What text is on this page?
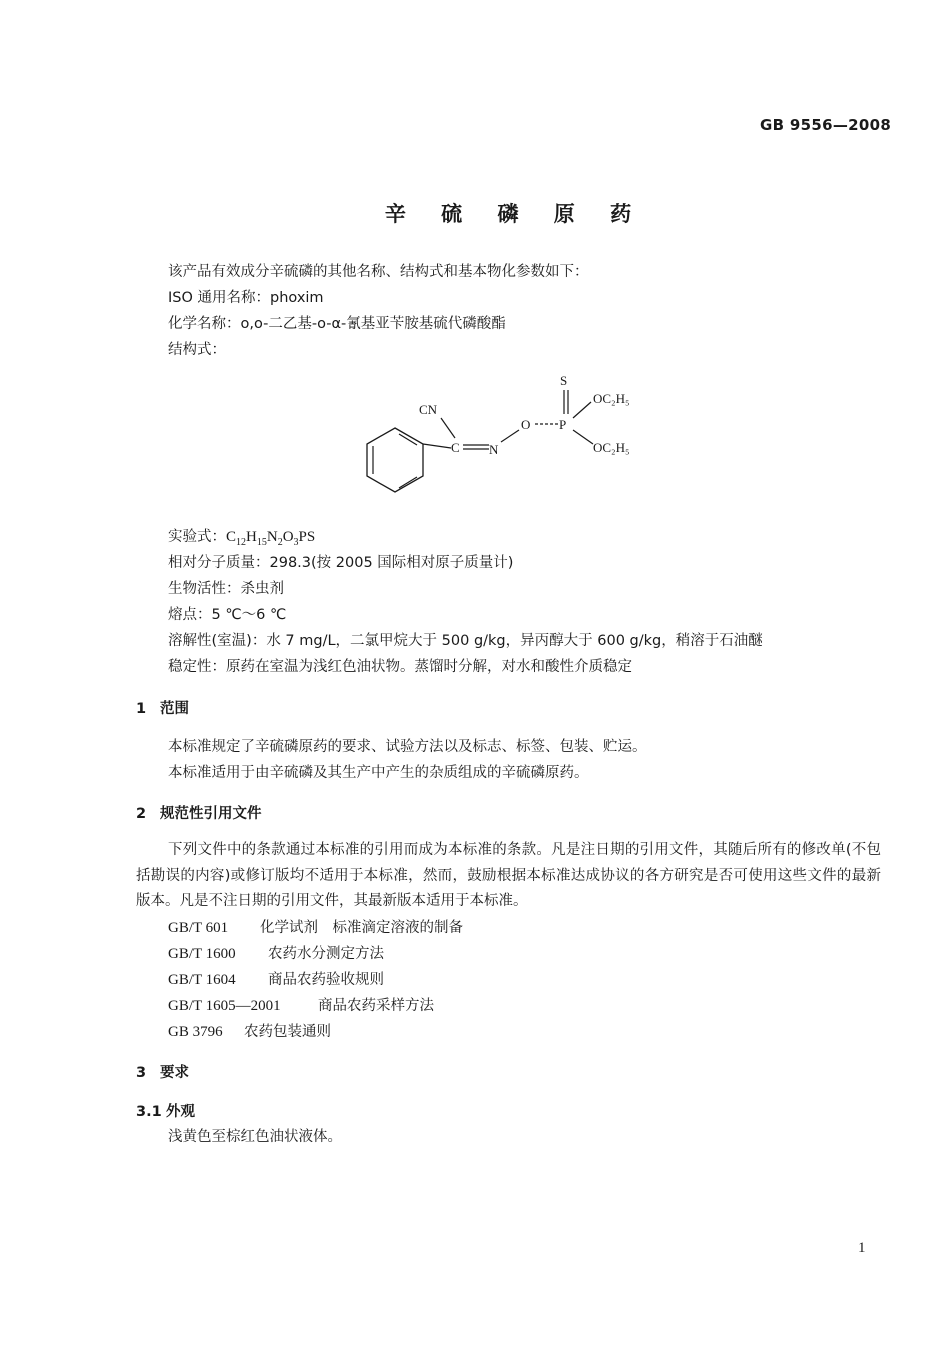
GB 9556—2008
辛 硫 磷 原 药
该产品有效成分辛硫磷的其他名称、结构式和基本物化参数如下：
ISO 通用名称：phoxim
化学名称：o,o-二乙基-o-α-氰基亚苄胺基硫代磷酸酯
结构式：
S
CN
O P
C N
OC₂H₅
OC₂H₅
实验式：$C_{12}H_{15}N_2O_3PS$
相对分子质量：298.3(按 2005 国际相对原子质量计)
生物活性：杀虫剂
熔点：5 ℃～6 ℃
溶解性(室温)：水 7 mg/L，二氯甲烷大于 500 g/kg，异丙醇大于 600 g/kg，稍溶于石油醚
稳定性：原药在室温为浅红色油状物。蒸馏时分解，对水和酸性介质稳定
1 范围
本标准规定了辛硫磷原药的要求、试验方法以及标志、标签、包装、贮运。
本标准适用于由辛硫磷及其生产中产生的杂质组成的辛硫磷原药。
2 规范性引用文件
下列文件中的条款通过本标准的引用而成为本标准的条款。凡是注日期的引用文件，其随后所有的修改单(不包括勘误的内容)或修订版均不适用于本标准，然而，鼓励根据本标准达成协议的各方研究是否可使用这些文件的最新版本。凡是不注日期的引用文件，其最新版本适用于本标准。
GB/T 601 化学试剂　标准滴定溶液的制备
GB/T 1600 农药水分测定方法
GB/T 1604 商品农药验收规则
GB/T 1605—2001	商品农药采样方法
GB 3796 农药包装通则
3 要求
3.1 外观
浅黄色至棕红色油状液体。
1
